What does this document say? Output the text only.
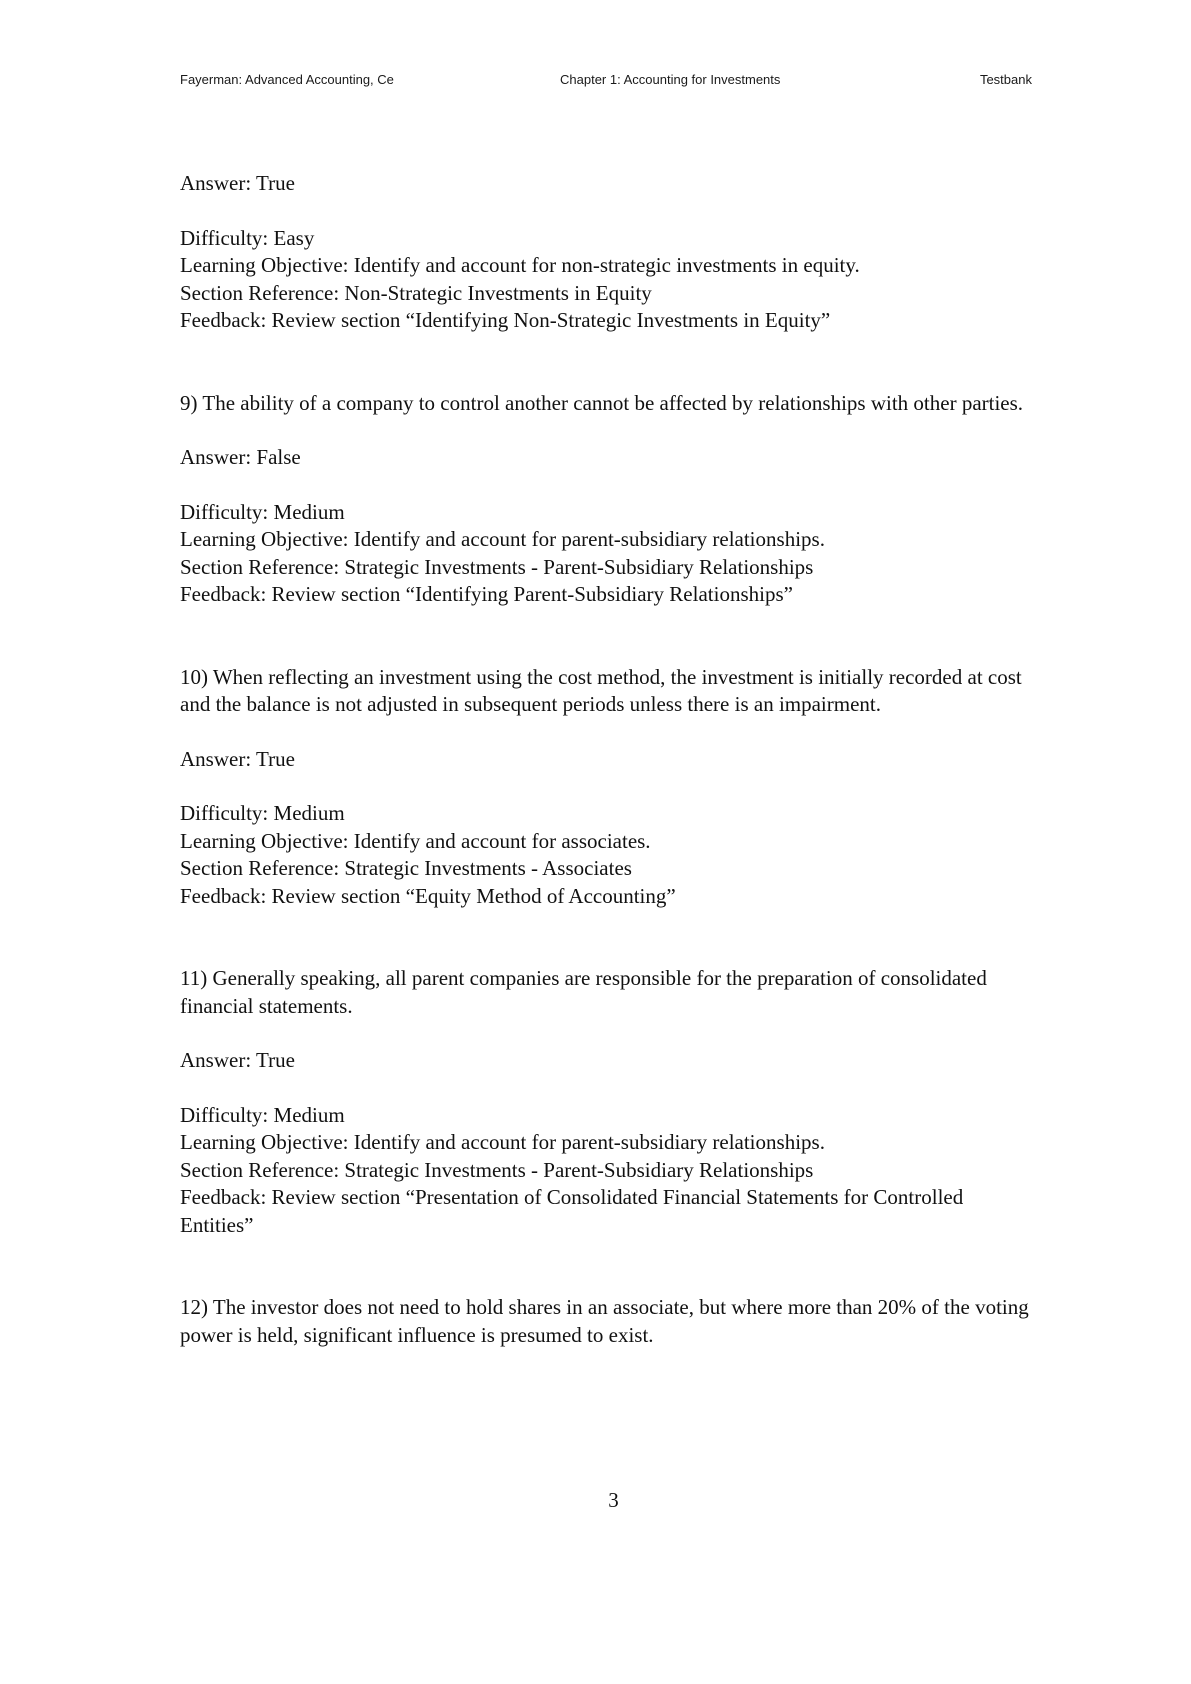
Fayerman: Advanced Accounting, Ce	Chapter 1: Accounting for Investments	Testbank

Answer: True

Difficulty: Easy

Learning Objective: Identify and account for non-strategic investments in equity.

Section Reference: Non-Strategic Investments in Equity

Feedback: Review section “Identifying Non-Strategic Investments in Equity”

9) The ability of a company to control another cannot be affected by relationships with other parties.

Answer: False

Difficulty: Medium

Learning Objective: Identify and account for parent-subsidiary relationships.

Section Reference: Strategic Investments - Parent-Subsidiary Relationships

Feedback: Review section “Identifying Parent-Subsidiary Relationships”

10) When reflecting an investment using the cost method, the investment is initially recorded at cost and the balance is not adjusted in subsequent periods unless there is an impairment.

Answer: True

Difficulty: Medium

Learning Objective: Identify and account for associates.

Section Reference: Strategic Investments - Associates

Feedback: Review section “Equity Method of Accounting”

11) Generally speaking, all parent companies are responsible for the preparation of consolidated financial statements.

Answer: True

Difficulty: Medium

Learning Objective: Identify and account for parent-subsidiary relationships.

Section Reference: Strategic Investments - Parent-Subsidiary Relationships

Feedback: Review section “Presentation of Consolidated Financial Statements for Controlled Entities”

12) The investor does not need to hold shares in an associate, but where more than 20% of the voting power is held, significant influence is presumed to exist.

3
